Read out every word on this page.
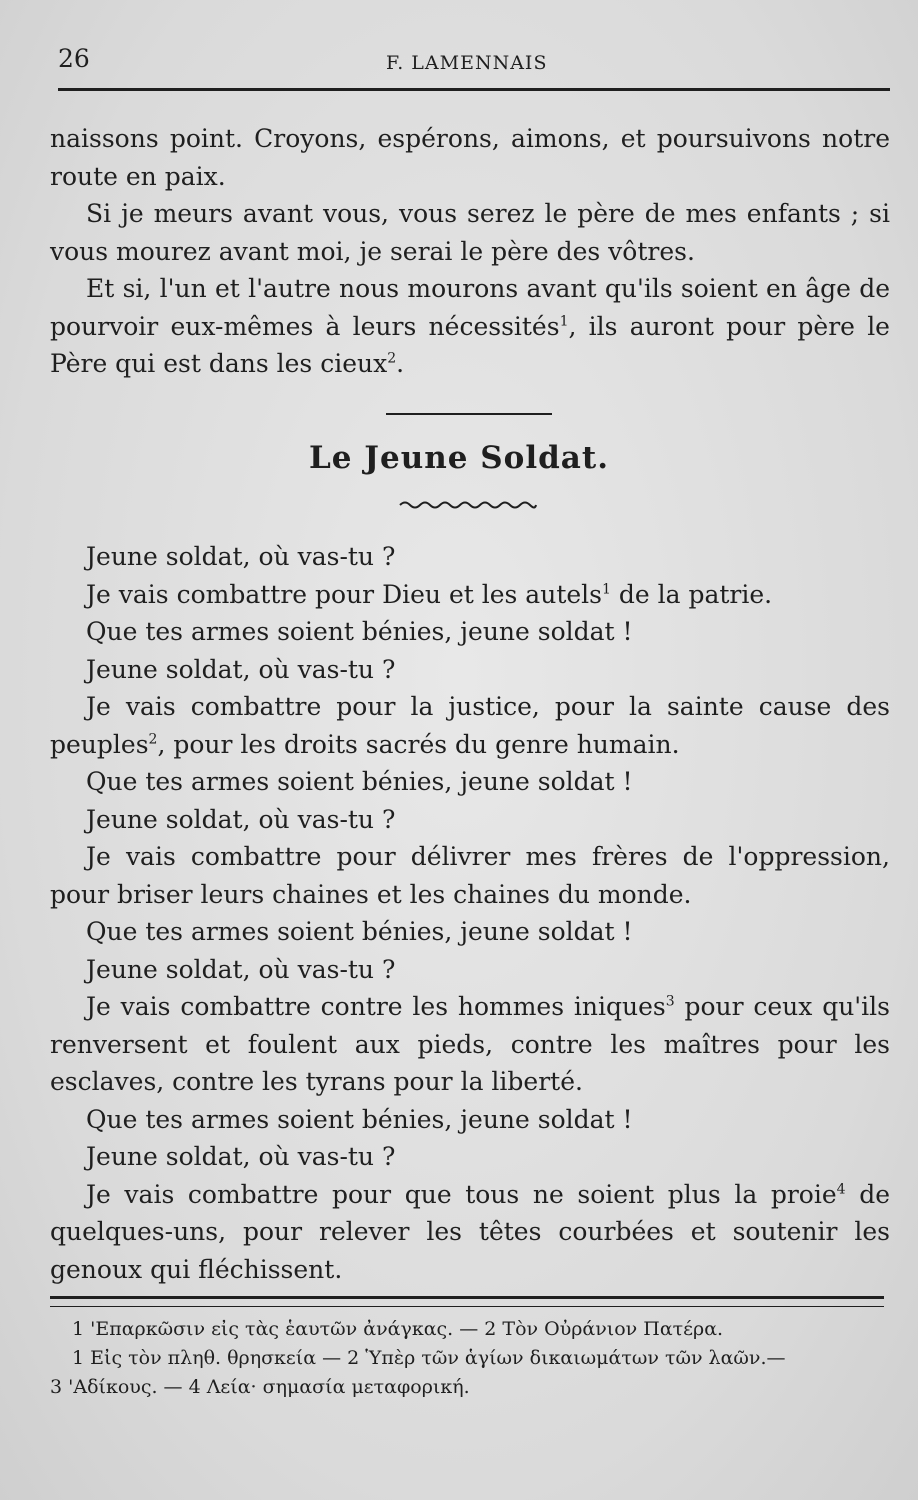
26	F. LAMENNAIS

naissons point. Croyons, espérons, aimons, et poursuivons notre route en paix.

Si je meurs avant vous, vous serez le père de mes enfants ; si vous mourez avant moi, je serai le père des vôtres.

Et si, l'un et l'autre nous mourons avant qu'ils soient en âge de pourvoir eux-mêmes à leurs nécessités$^1$, ils auront pour père le Père qui est dans les cieux$^2$.

Le Jeune Soldat.

Jeune soldat, où vas-tu ?

Je vais combattre pour Dieu et les autels$^1$ de la patrie.

Que tes armes soient bénies, jeune soldat !

Jeune soldat, où vas-tu ?

Je vais combattre pour la justice, pour la sainte cause des peuples$^2$, pour les droits sacrés du genre humain.

Que tes armes soient bénies, jeune soldat !

Jeune soldat, où vas-tu ?

Je vais combattre pour délivrer mes frères de l'oppression, pour briser leurs chaines et les chaines du monde.

Que tes armes soient bénies, jeune soldat !

Jeune soldat, où vas-tu ?

Je vais combattre contre les hommes iniques$^3$ pour ceux qu'ils renversent et foulent aux pieds, contre les maîtres pour les esclaves, contre les tyrans pour la liberté.

Que tes armes soient bénies, jeune soldat !

Jeune soldat, où vas-tu ?

Je vais combattre pour que tous ne soient plus la proie$^4$ de quelques-uns, pour relever les têtes courbées et soutenir les genoux qui fléchissent.

1 'Επαρκῶσιν εἰς τὰς ἑαυτῶν ἀνάγκας. — 2 Τὸν Οὐράνιον Πατέρα.

1 Εἰς τὸν πληθ. θρησκεία — 2 Ὑπὲρ τῶν ἁγίων δικαιωμάτων τῶν λαῶν.—

3 'Αδίκους. — 4 Λεία· σημασία μεταφορική.
